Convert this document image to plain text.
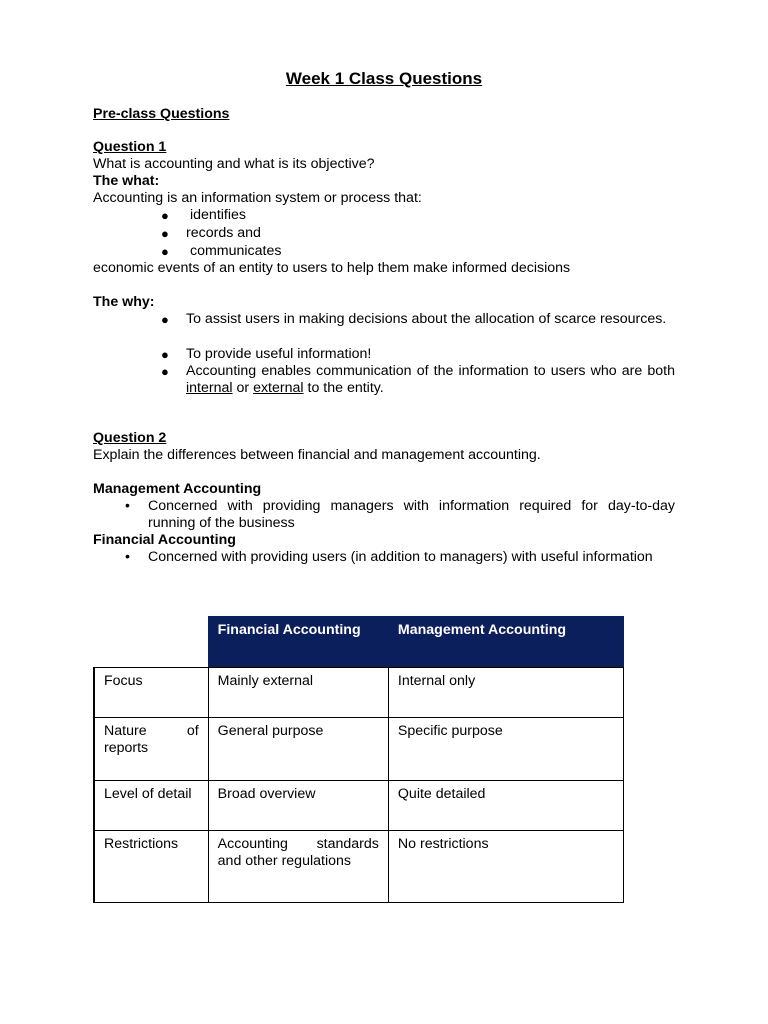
Week 1 Class Questions
Pre-class Questions
Question 1
What is accounting and what is its objective?
The what:
Accounting is an information system or process that:
● identifies
● records and
● communicates
economic events of an entity to users to help them make informed decisions
The why:
● To assist users in making decisions about the allocation of scarce resources.
● To provide useful information!
● Accounting enables communication of the information to users who are both internal or external to the entity.
Question 2
Explain the differences between financial and management accounting.
Management Accounting
• Concerned with providing managers with information required for day-to-day running of the business
Financial Accounting
• Concerned with providing users (in addition to managers) with useful information
	Financial Accounting	Management Accounting
Focus	Mainly external	Internal only

Nature of
reports	General purpose	Specific purpose
Level of detail	Broad overview	Quite detailed
Restrictions	Accounting standards and other regulations	No restrictions
